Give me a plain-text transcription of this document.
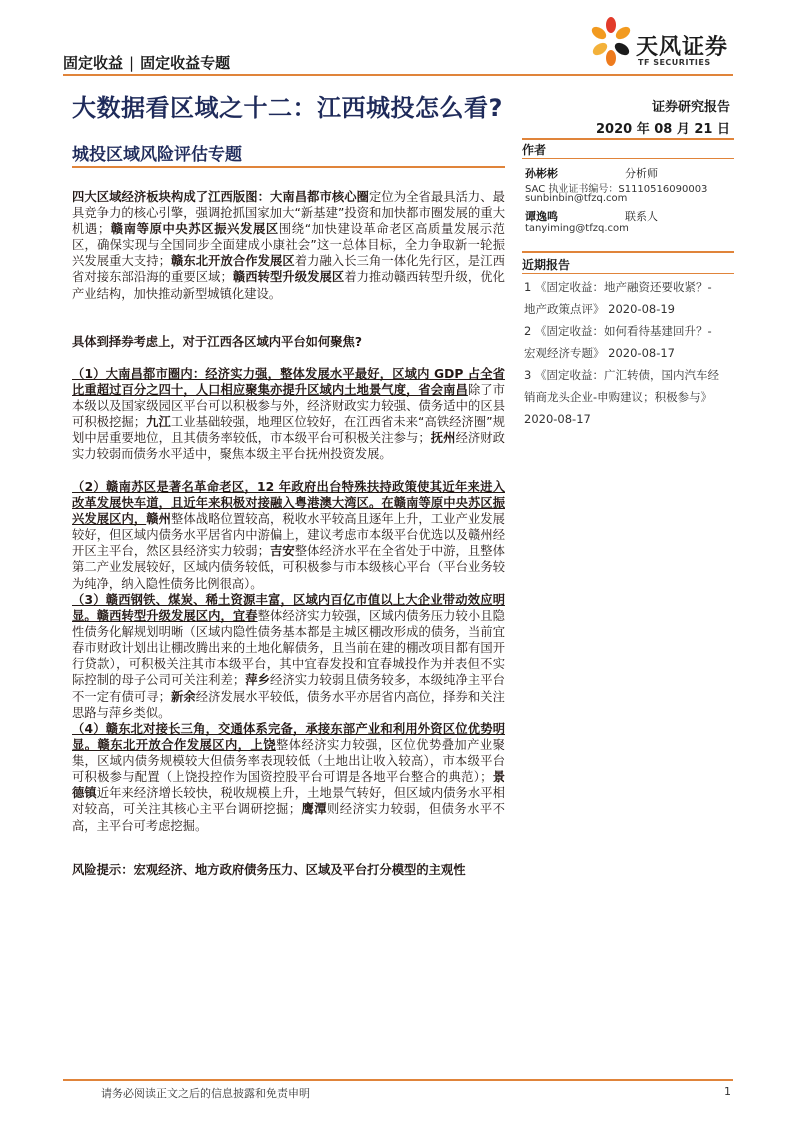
固定收益 | 固定收益专题
天风证券
TF SECURITIES
大数据看区域之十二：江西城投怎么看?
城投区域风险评估专题
证券研究报告
2020 年 08 月 21 日
作者
孙彬彬	分析师
SAC 执业证书编号：S1110516090003
sunbinbin@tfzq.com
谭逸鸣	联系人
tanyiming@tfzq.com
近期报告
1 《固定收益：地产融资还要收紧？-
地产政策点评》 2020-08-19
2 《固定收益：如何看待基建回升？-
宏观经济专题》 2020-08-17
3 《固定收益：广汇转债，国内汽车经
销商龙头企业-申购建议；积极参与》
2020-08-17
四大区域经济板块构成了江西版图：大南昌都市核心圈定位为全省最具活力、最具竞争力的核心引擎，强调抢抓国家加大“新基建”投资和加快都市圈发展的重大机遇；赣南等原中央苏区振兴发展区围绕“加快建设革命老区高质量发展示范区，确保实现与全国同步全面建成小康社会”这一总体目标，全力争取新一轮振兴发展重大支持；赣东北开放合作发展区着力融入长三角一体化先行区，是江西省对接东部沿海的重要区域；赣西转型升级发展区着力推动赣西转型升级，优化产业结构，加快推动新型城镇化建设。
具体到择券考虑上，对于江西各区域内平台如何聚焦?
（1）大南昌都市圈内：经济实力强，整体发展水平最好，区域内 GDP 占全省比重超过百分之四十，人口相应聚集亦提升区域内土地景气度，省会南昌除了市本级以及国家级园区平台可以积极参与外，经济财政实力较强、债务适中的区县可积极挖掘；九江工业基础较强，地理区位较好，在江西省未来“高铁经济圈”规划中居重要地位，且其债务率较低，市本级平台可积极关注参与；抚州经济财政实力较弱而债务水平适中，聚焦本级主平台抚州投资发展。
（2）赣南苏区是著名革命老区，12 年政府出台特殊扶持政策使其近年来进入改革发展快车道，且近年来积极对接融入粤港澳大湾区。在赣南等原中央苏区振兴发展区内，赣州整体战略位置较高，税收水平较高且逐年上升，工业产业发展较好，但区域内债务水平居省内中游偏上，建议考虑市本级平台优选以及赣州经开区主平台，然区县经济实力较弱；吉安整体经济水平在全省处于中游，且整体第二产业发展较好，区域内债务较低，可积极参与市本级核心平台（平台业务较为纯净，纳入隐性债务比例很高）。
（3）赣西钢铁、煤炭、稀土资源丰富，区域内百亿市值以上大企业带动效应明显。赣西转型升级发展区内，宜春整体经济实力较强，区域内债务压力较小且隐性债务化解规划明晰（区域内隐性债务基本都是主城区棚改形成的债务，当前宜春市财政计划出让棚改腾出来的土地化解债务，且当前在建的棚改项目都有国开行贷款），可积极关注其市本级平台，其中宜春发投和宜春城投作为并表但不实际控制的母子公司可关注利差；萍乡经济实力较弱且债务较多，本级纯净主平台不一定有债可寻；新余经济发展水平较低，债务水平亦居省内高位，择券和关注思路与萍乡类似。
（4）赣东北对接长三角，交通体系完备，承接东部产业和利用外资区位优势明显。赣东北开放合作发展区内，上饶整体经济实力较强，区位优势叠加产业聚集，区域内债务规模较大但债务率表现较低（土地出让收入较高），市本级平台可积极参与配置（上饶投控作为国资控股平台可谓是各地平台整合的典范）；景德镇近年来经济增长较快，税收规模上升，土地景气转好，但区域内债务水平相对较高，可关注其核心主平台调研挖掘；鹰潭则经济实力较弱，但债务水平不高，主平台可考虑挖掘。
风险提示：宏观经济、地方政府债务压力、区域及平台打分模型的主观性
请务必阅读正文之后的信息披露和免责申明	1
